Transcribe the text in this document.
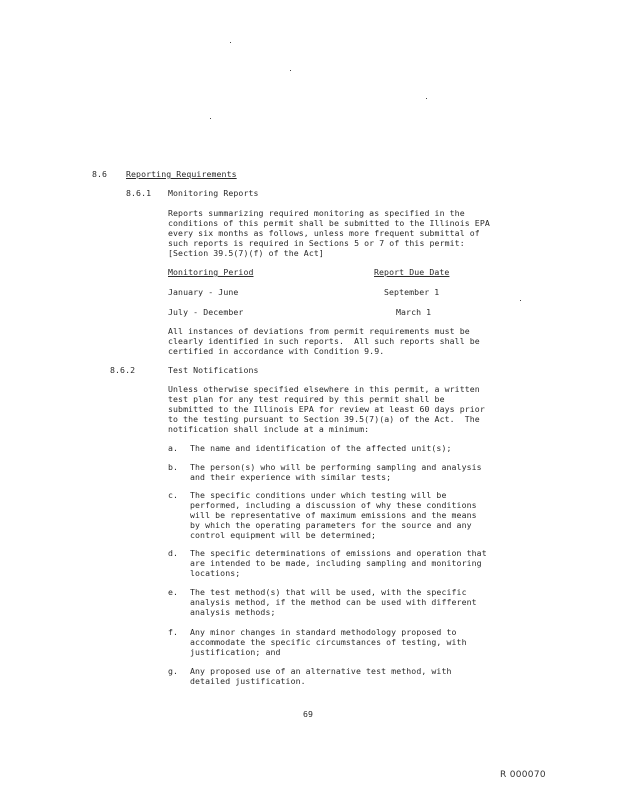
8.6 Reporting Requirements
8.6.1 Monitoring Reports
Reports summarizing required monitoring as specified in the
conditions of this permit shall be submitted to the Illinois EPA
every six months as follows, unless more frequent submittal of
such reports is required in Sections 5 or 7 of this permit:
[Section 39.5(7)(f) of the Act]
Monitoring Period	Report Due Date
January - June	September 1
July - December	March 1
All instances of deviations from permit requirements must be
clearly identified in such reports.  All such reports shall be
certified in accordance with Condition 9.9.
8.6.2	Test Notifications
Unless otherwise specified elsewhere in this permit, a written
test plan for any test required by this permit shall be
submitted to the Illinois EPA for review at least 60 days prior
to the testing pursuant to Section 39.5(7)(a) of the Act.  The
notification shall include at a minimum:
a. The name and identification of the affected unit(s);
b. The person(s) who will be performing sampling and analysis
and their experience with similar tests;
c. The specific conditions under which testing will be
performed, including a discussion of why these conditions
will be representative of maximum emissions and the means
by which the operating parameters for the source and any
control equipment will be determined;
d. The specific determinations of emissions and operation that
are intended to be made, including sampling and monitoring
locations;
e. The test method(s) that will be used, with the specific
analysis method, if the method can be used with different
analysis methods;
f. Any minor changes in standard methodology proposed to
accommodate the specific circumstances of testing, with
justification; and
g. Any proposed use of an alternative test method, with
detailed justification.
69
R 000070
